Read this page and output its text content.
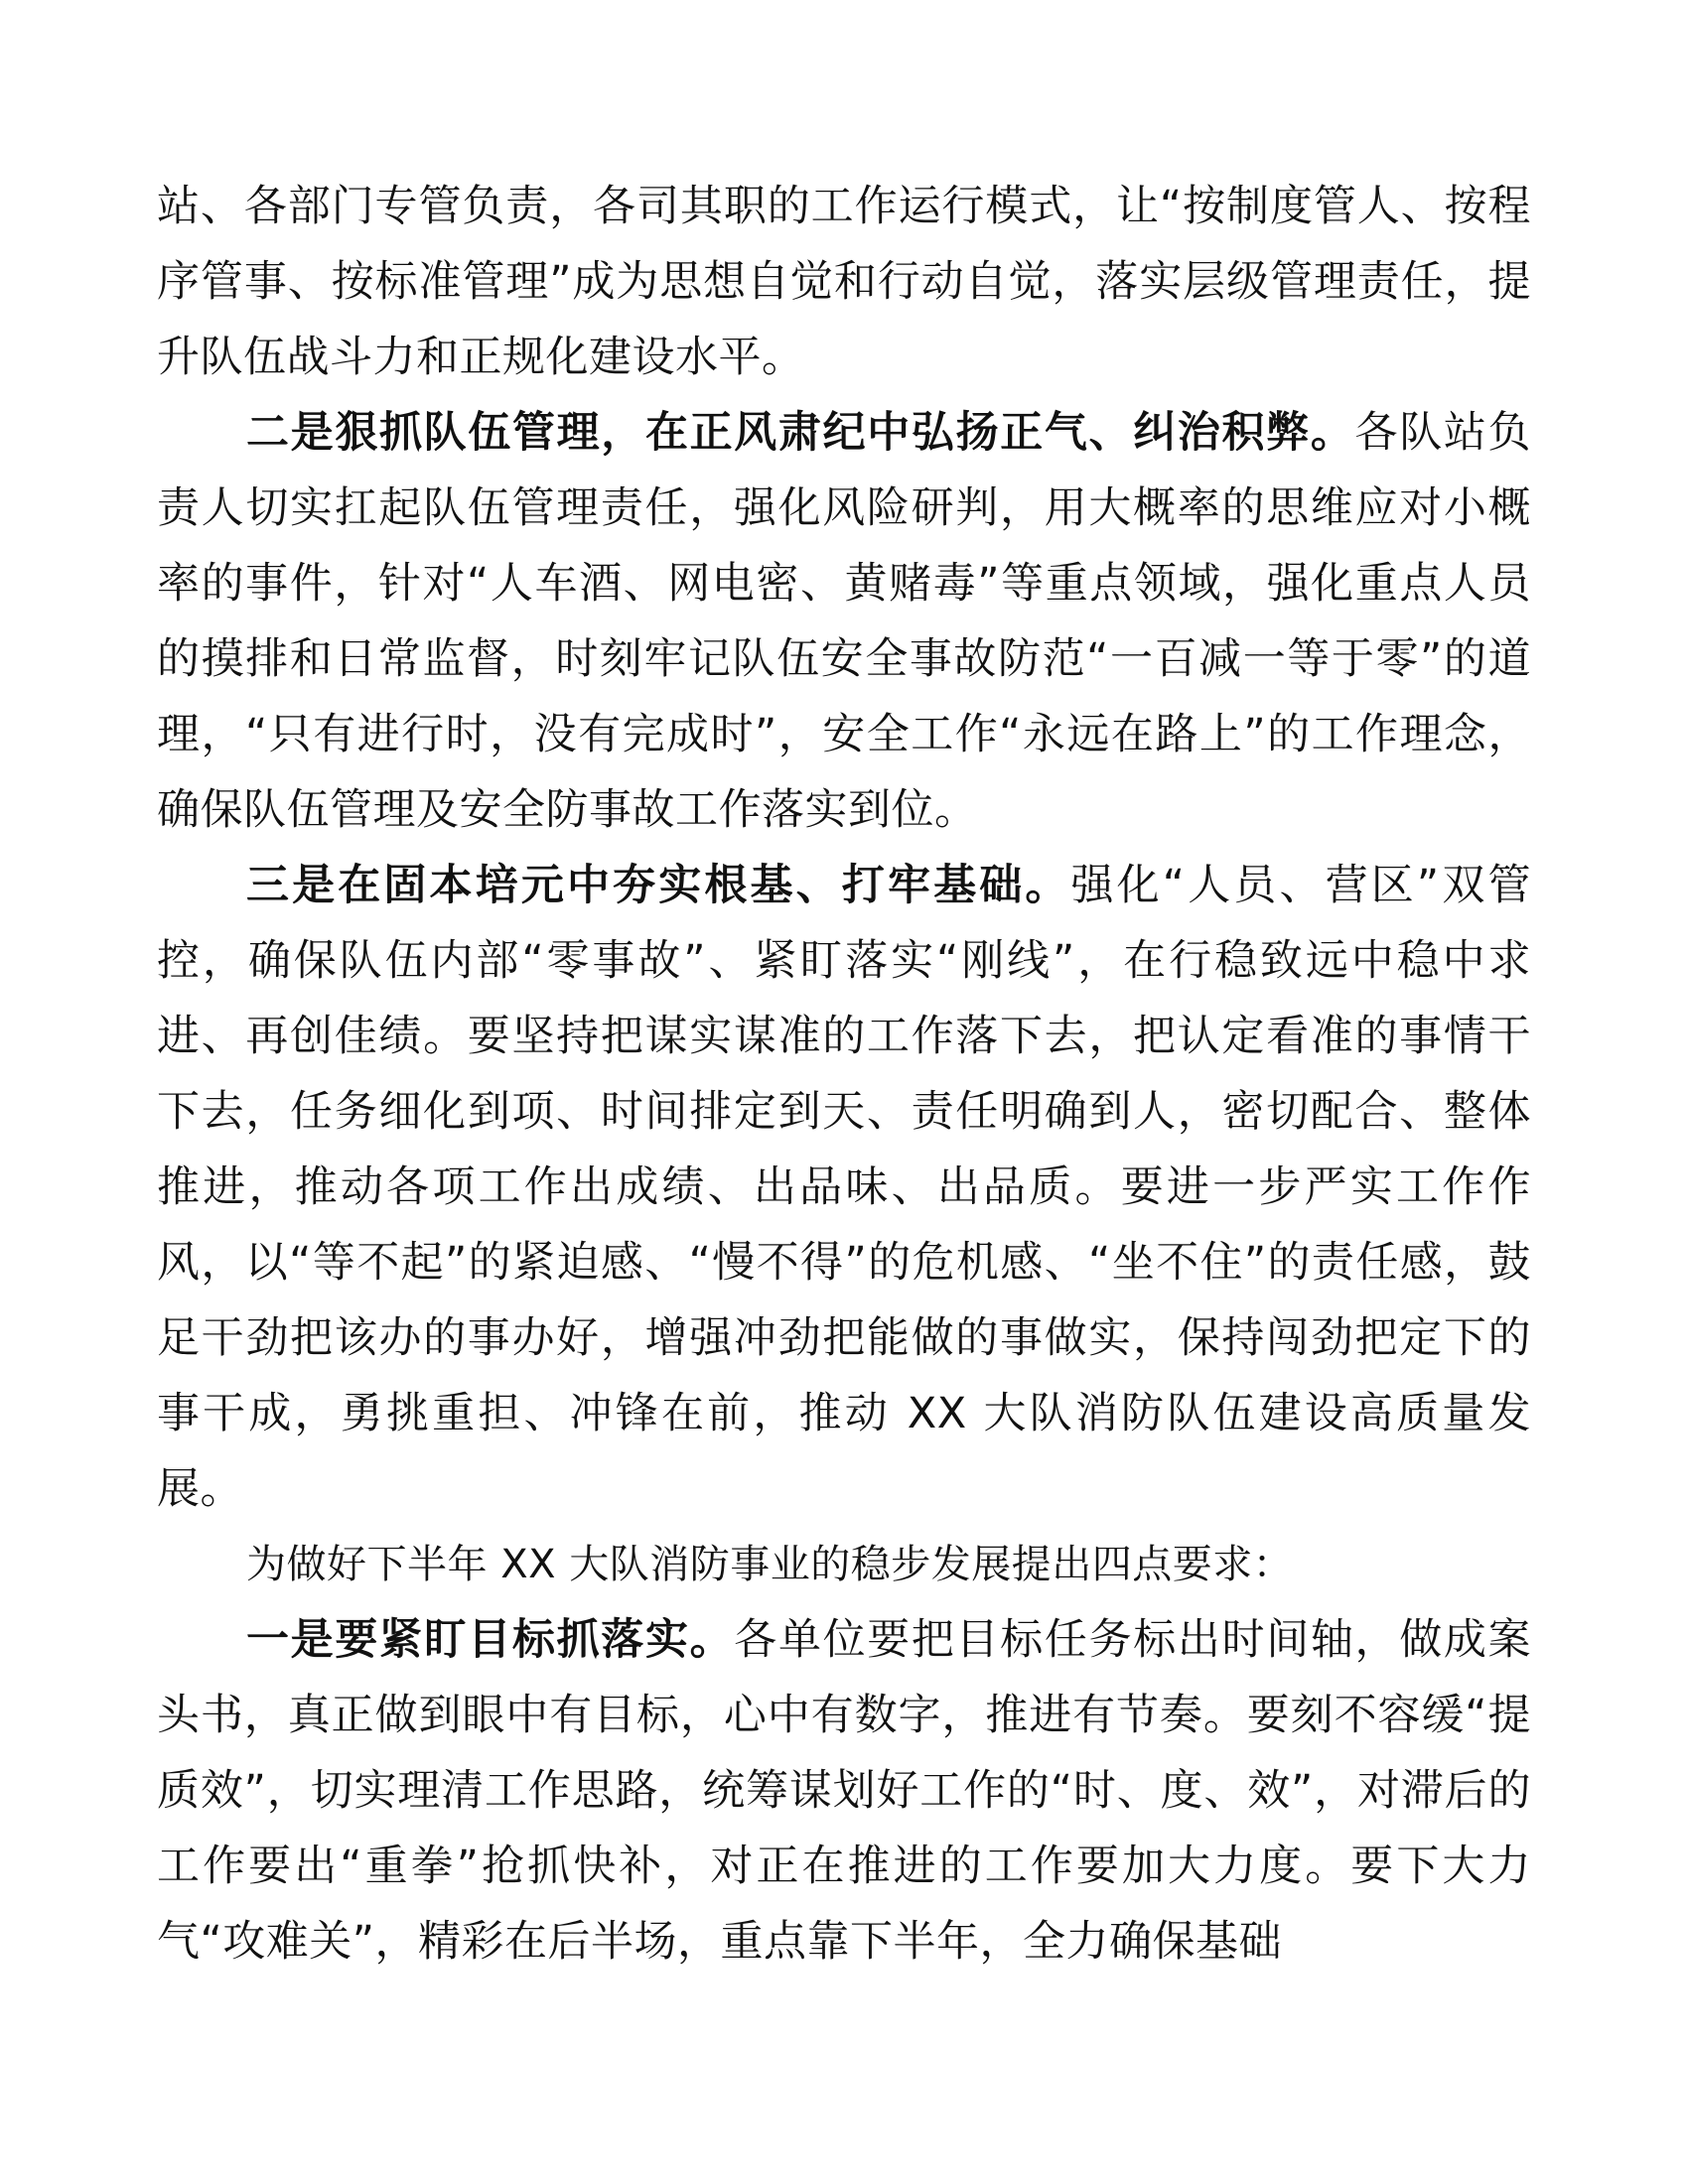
站、各部门专管负责，各司其职的工作运行模式，让“按制度管人、按程序管事、按标准管理”成为思想自觉和行动自觉，落实层级管理责任，提升队伍战斗力和正规化建设水平。

二是狠抓队伍管理，在正风肃纪中弘扬正气、纠治积弊。各队站负责人切实扛起队伍管理责任，强化风险研判，用大概率的思维应对小概率的事件，针对“人车酒、网电密、黄赌毒”等重点领域，强化重点人员的摸排和日常监督，时刻牢记队伍安全事故防范“一百减一等于零”的道理，“只有进行时，没有完成时”，安全工作“永远在路上”的工作理念，确保队伍管理及安全防事故工作落实到位。

三是在固本培元中夯实根基、打牢基础。强化“人员、营区”双管控，确保队伍内部“零事故”、紧盯落实“刚线”，在行稳致远中稳中求进、再创佳绩。要坚持把谋实谋准的工作落下去，把认定看准的事情干下去，任务细化到项、时间排定到天、责任明确到人，密切配合、整体推进，推动各项工作出成绩、出品味、出品质。要进一步严实工作作风，以“等不起”的紧迫感、“慢不得”的危机感、“坐不住”的责任感，鼓足干劲把该办的事办好，增强冲劲把能做的事做实，保持闯劲把定下的事干成，勇挑重担、冲锋在前，推动 XX 大队消防队伍建设高质量发展。

为做好下半年 XX 大队消防事业的稳步发展提出四点要求：

一是要紧盯目标抓落实。各单位要把目标任务标出时间轴，做成案头书，真正做到眼中有目标，心中有数字，推进有节奏。要刻不容缓“提质效”，切实理清工作思路，统筹谋划好工作的“时、度、效”，对滞后的工作要出“重拳”抢抓快补，对正在推进的工作要加大力度。要下大力气“攻难关”，精彩在后半场，重点靠下半年，全力确保基础
